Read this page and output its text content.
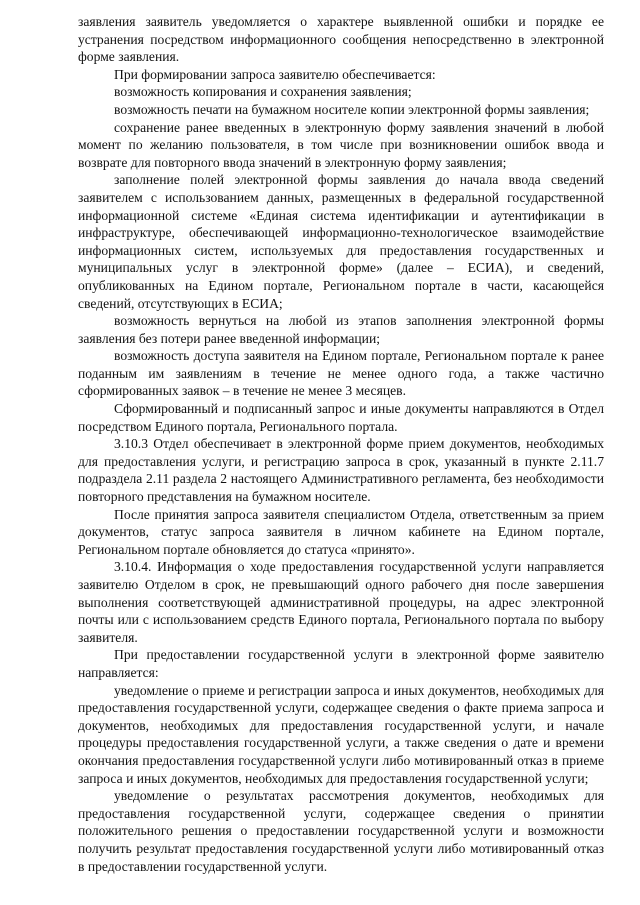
заявления заявитель уведомляется о характере выявленной ошибки и порядке ее устранения посредством информационного сообщения непосредственно в электронной форме заявления.

При формировании запроса заявителю обеспечивается:

возможность копирования и сохранения заявления;

возможность печати на бумажном носителе копии электронной формы заявления;

сохранение ранее введенных в электронную форму заявления значений в любой момент по желанию пользователя, в том числе при возникновении ошибок ввода и возврате для повторного ввода значений в электронную форму заявления;

заполнение полей электронной формы заявления до начала ввода сведений заявителем с использованием данных, размещенных в федеральной государственной информационной системе «Единая система идентификации и аутентификации в инфраструктуре, обеспечивающей информационно-технологическое взаимодействие информационных систем, используемых для предоставления государственных и муниципальных услуг в электронной форме» (далее – ЕСИА), и сведений, опубликованных на Едином портале, Региональном портале в части, касающейся сведений, отсутствующих в ЕСИА;

возможность вернуться на любой из этапов заполнения электронной формы заявления без потери ранее введенной информации;

возможность доступа заявителя на Едином портале, Региональном портале к ранее поданным им заявлениям в течение не менее одного года, а также частично сформированных заявок – в течение не менее 3 месяцев.

Сформированный и подписанный запрос и иные документы направляются в Отдел посредством Единого портала, Регионального портала.

3.10.3 Отдел обеспечивает в электронной форме прием документов, необходимых для предоставления услуги, и регистрацию запроса в срок, указанный в пункте 2.11.7 подраздела 2.11 раздела 2 настоящего Административного регламента, без необходимости повторного представления на бумажном носителе.

После принятия запроса заявителя специалистом Отдела, ответственным за прием документов, статус запроса заявителя в личном кабинете на Едином портале, Региональном портале обновляется до статуса «принято».

3.10.4. Информация о ходе предоставления государственной услуги направляется заявителю Отделом в срок, не превышающий одного рабочего дня после завершения выполнения соответствующей административной процедуры, на адрес электронной почты или с использованием средств Единого портала, Регионального портала по выбору заявителя.

При предоставлении государственной услуги в электронной форме заявителю направляется:

уведомление о приеме и регистрации запроса и иных документов, необходимых для предоставления государственной услуги, содержащее сведения о факте приема запроса и документов, необходимых для предоставления государственной услуги, и начале процедуры предоставления государственной услуги, а также сведения о дате и времени окончания предоставления государственной услуги либо мотивированный отказ в приеме запроса и иных документов, необходимых для предоставления государственной услуги;

уведомление о результатах рассмотрения документов, необходимых для предоставления государственной услуги, содержащее сведения о принятии положительного решения о предоставлении государственной услуги и возможности получить результат предоставления государственной услуги либо мотивированный отказ в предоставлении государственной услуги.
